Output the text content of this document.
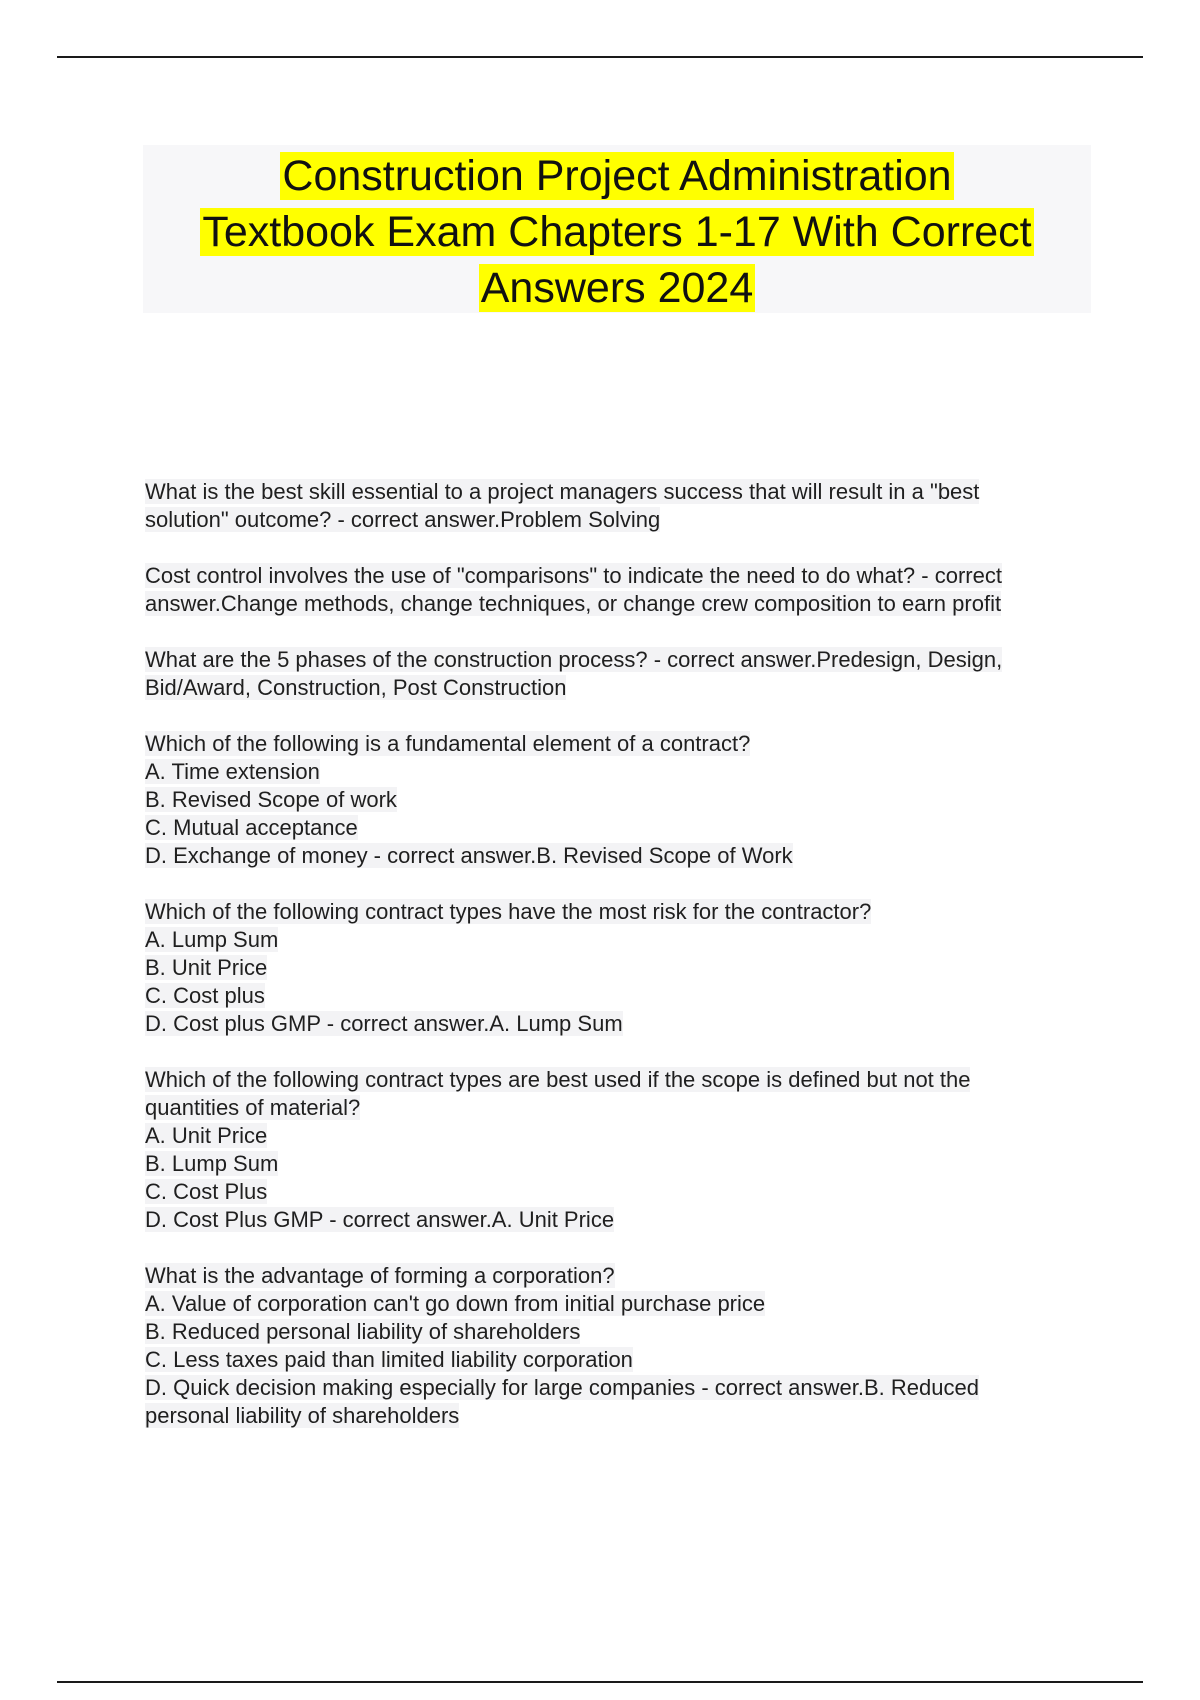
Construction Project Administration
Textbook Exam Chapters 1-17 With Correct
Answers 2024
What is the best skill essential to a project managers success that will result in a "best
solution" outcome? - correct answer.Problem Solving
Cost control involves the use of "comparisons" to indicate the need to do what? - correct
answer.Change methods, change techniques, or change crew composition to earn profit
What are the 5 phases of the construction process? - correct answer.Predesign, Design,
Bid/Award, Construction, Post Construction
Which of the following is a fundamental element of a contract?
A. Time extension
B. Revised Scope of work
C. Mutual acceptance
D. Exchange of money - correct answer.B. Revised Scope of Work
Which of the following contract types have the most risk for the contractor?
A. Lump Sum
B. Unit Price
C. Cost plus
D. Cost plus GMP - correct answer.A. Lump Sum
Which of the following contract types are best used if the scope is defined but not the
quantities of material?
A. Unit Price
B. Lump Sum
C. Cost Plus
D. Cost Plus GMP - correct answer.A. Unit Price
What is the advantage of forming a corporation?
A. Value of corporation can't go down from initial purchase price
B. Reduced personal liability of shareholders
C. Less taxes paid than limited liability corporation
D. Quick decision making especially for large companies - correct answer.B. Reduced
personal liability of shareholders
